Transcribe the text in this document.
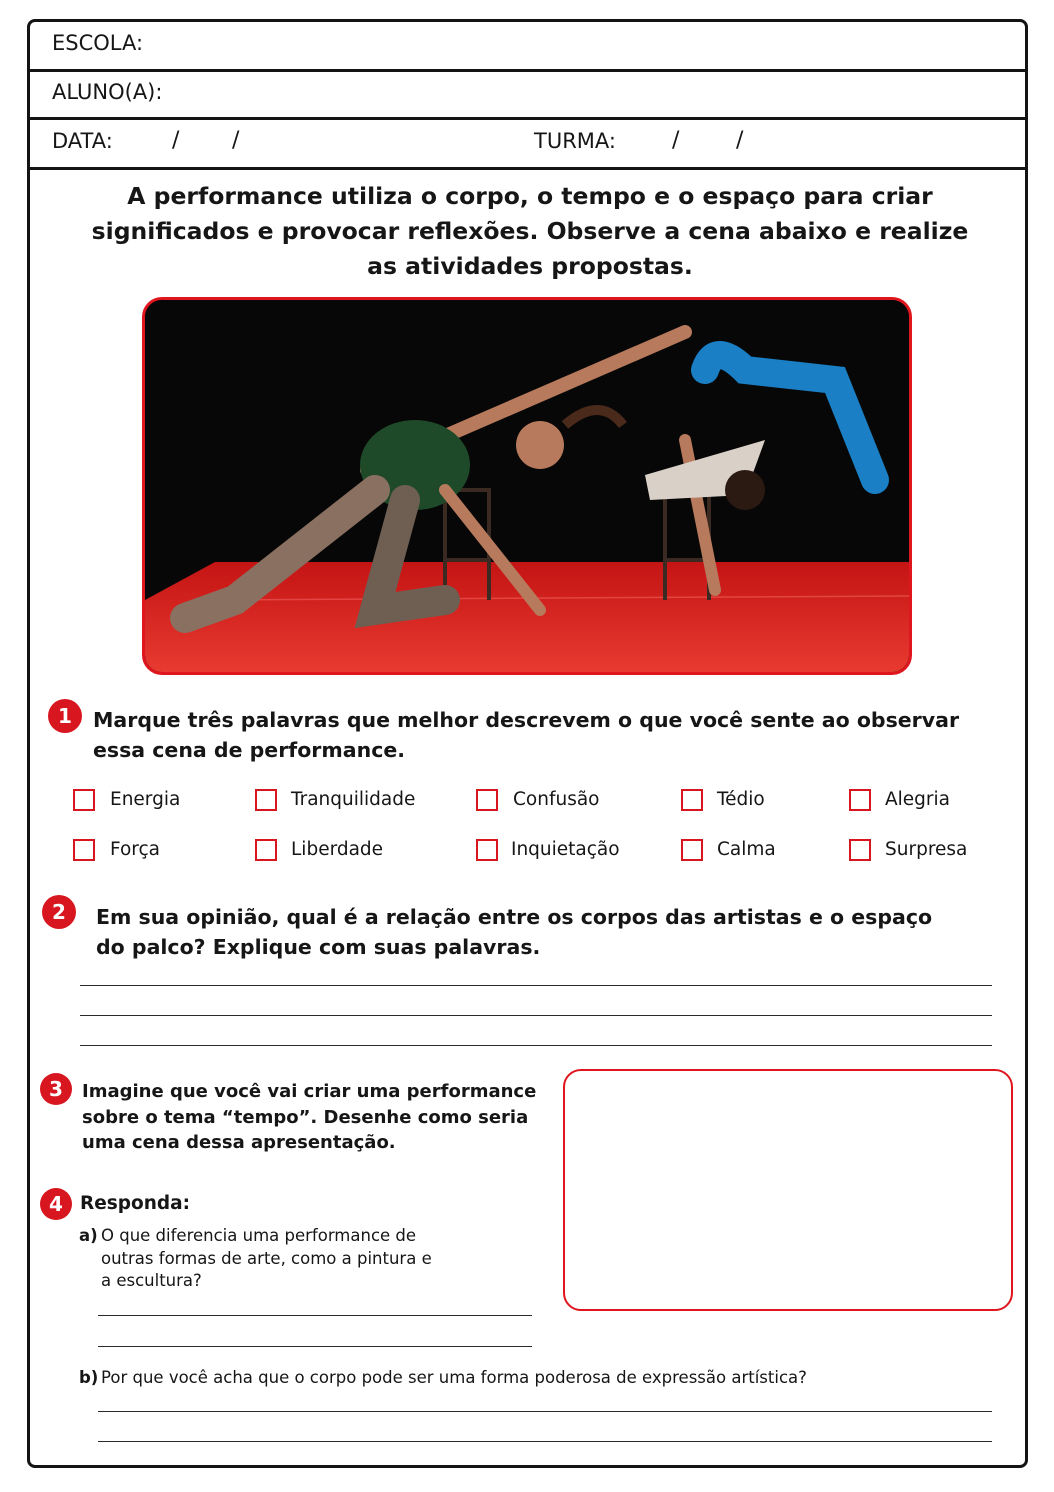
ESCOLA:
ALUNO(A):
DATA:	/ /	TURMA:	/	/
A performance utiliza o corpo, o tempo e o espaço para criar significados e provocar reflexões. Observe a cena abaixo e realize as atividades propostas.
1	Marque três palavras que melhor descrevem o que você sente ao observar essa cena de performance.
Energia	Tranquilidade	Confusão	Tédio	Alegria
Força	Liberdade	Inquietação	Calma	Surpresa
2	Em sua opinião, qual é a relação entre os corpos das artistas e o espaço do palco? Explique com suas palavras.
3	Imagine que você vai criar uma performance sobre o tema “tempo”. Desenhe como seria uma cena dessa apresentação.
4 Responda:
a) O que diferencia uma performance de outras formas de arte, como a pintura e a escultura?
b) Por que você acha que o corpo pode ser uma forma poderosa de expressão artística?
